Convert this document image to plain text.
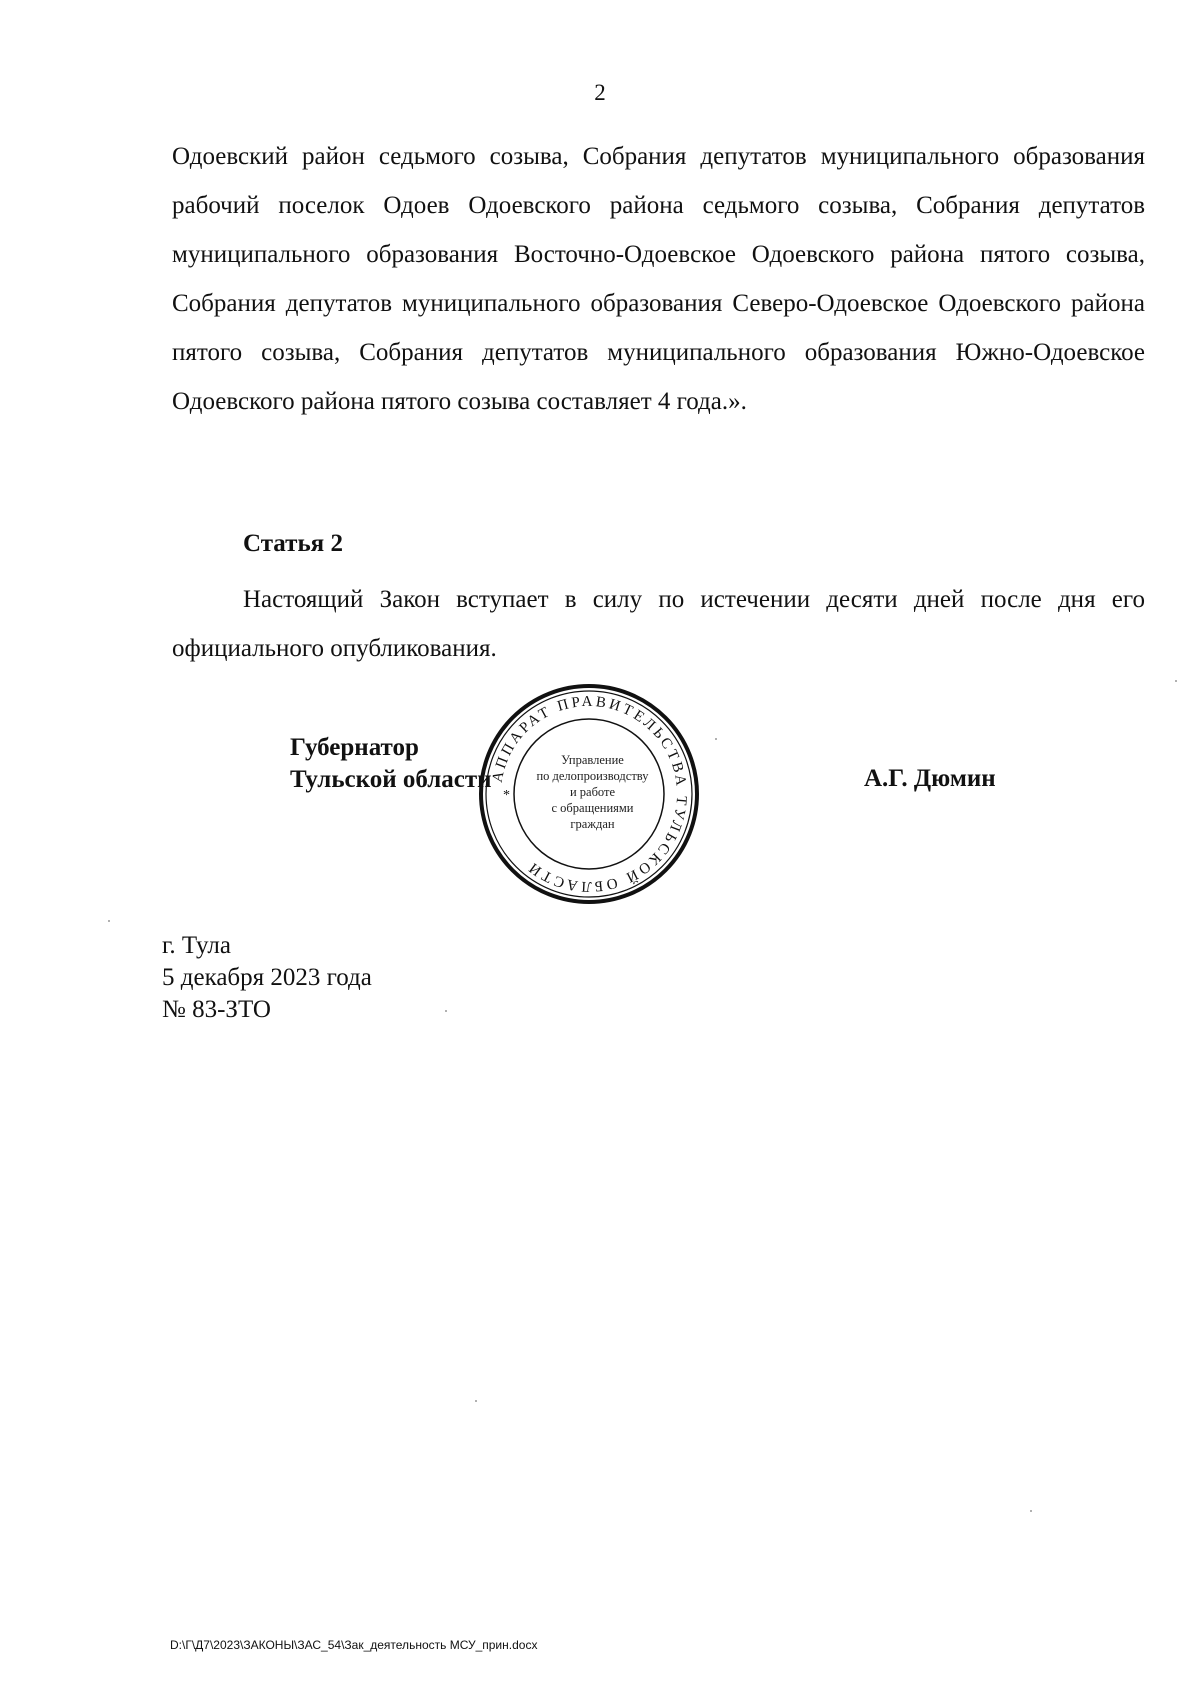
2

Одоевский район седьмого созыва, Собрания депутатов муниципального образования рабочий поселок Одоев Одоевского района седьмого созыва, Собрания депутатов муниципального образования Восточно-Одоевское Одоевского района пятого созыва, Собрания депутатов муниципального образования Северо-Одоевское Одоевского района пятого созыва, Собрания депутатов муниципального образования Южно-Одоевское Одоевского района пятого созыва составляет 4 года.».

Статья 2

Настоящий Закон вступает в силу по истечении десяти дней после дня его официального опубликования.

Губернатор
Тульской области
АППАРАТ ПРАВИТЕЛЬСТВА ТУЛЬСКОЙ ОБЛАСТИ
*
Управление
по делопроизводству
и работе
с обращениями
граждан
А.Г. Дюмин
г. Тула
5 декабря 2023 года
№ 83-ЗТО
D:\Г\Д7\2023\ЗАКОНЫ\ЗАС_54\Зак_деятельность МСУ_прин.docx
